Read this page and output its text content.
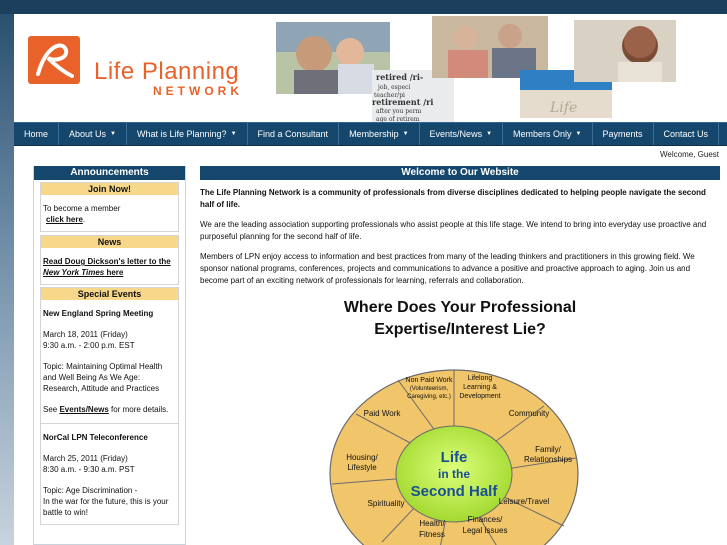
Life Planning
NETWORK
retired /ri-
job, especi
teacher/pi
retirement /ri
after you perm
age of retirem
Life
Home About Us ▼ What is Life Planning? ▼ Find a Consultant Membership ▼ Events/News ▼ Members Only ▼ Payments Contact Us
Welcome, Guest
Announcements
Join Now!
To become a member
click here.
News
Read Doug Dickson's letter to the New York Times here
Special Events
New England Spring Meeting
March 18, 2011 (Friday)
9:30 a.m. - 2:00 p.m. EST
Topic: Maintaining Optimal Health and Well Being As We Age: Research, Attitude and Practices
See Events/News for more details.
NorCal LPN Teleconference
March 25, 2011 (Friday)
8:30 a.m. - 9:30 a.m. PST
Topic: Age Discrimination -
In the war for the future, this is your battle to win!
Welcome to Our Website
The Life Planning Network is a community of professionals from diverse disciplines dedicated to helping people navigate the second half of life.
We are the leading association supporting professionals who assist people at this life stage. We intend to bring into everyday use proactive and purposeful planning for the second half of life.
Members of LPN enjoy access to information and best practices from many of the leading thinkers and practitioners in this growing field. We sponsor national programs, conferences, projects and communications to advance a positive and proactive approach to aging. Join us and become part of an exciting network of professionals for learning, referrals and collaboration.
Where Does Your Professional
Expertise/Interest Lie?
Life
in the
Second Half
Non Paid Work
(Volunteerism,
Caregiving, etc.)
Lifelong
Learning &
Development
Paid Work	Community
Housing/
Lifestyle
Family/
Relationships
Spirituality	Leisure/Travel
Health/
Fitness
Finances/
Legal Issues
